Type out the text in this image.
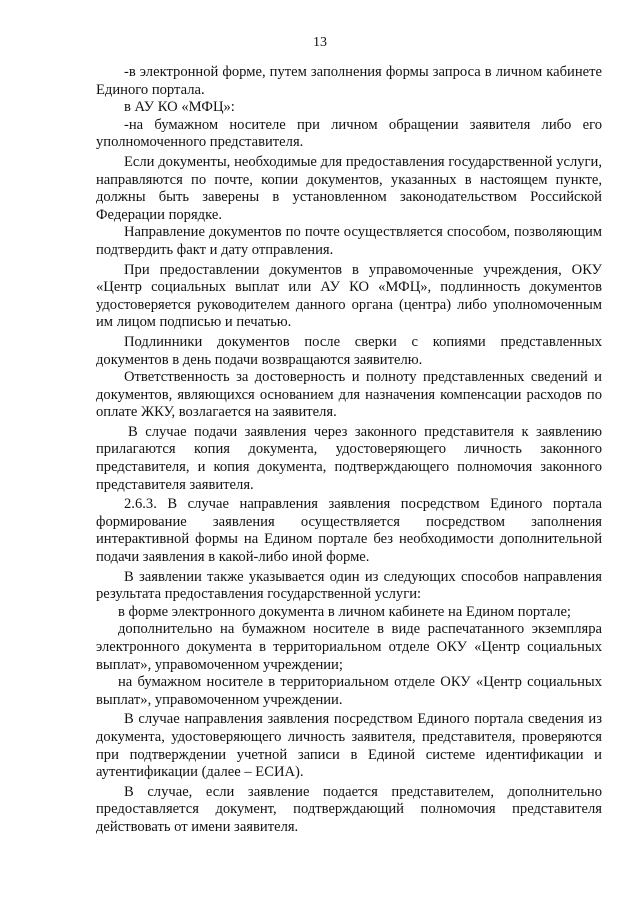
13

-в электронной форме, путем заполнения формы запроса в личном кабинете Единого портала.

в АУ КО «МФЦ»:

-на бумажном носителе при личном обращении заявителя либо его уполномоченного представителя.

Если документы, необходимые для предоставления государственной услуги, направляются по почте, копии документов, указанных в настоящем пункте, должны быть заверены в установленном законодательством Российской Федерации порядке.

Направление документов по почте осуществляется способом, позволяющим подтвердить факт и дату отправления.

При предоставлении документов в управомоченные учреждения, ОКУ «Центр социальных выплат или АУ КО «МФЦ», подлинность документов удостоверяется руководителем данного органа (центра) либо уполномоченным им лицом подписью и печатью.

Подлинники документов после сверки с копиями представленных документов в день подачи возвращаются заявителю.

Ответственность за достоверность и полноту представленных сведений и документов, являющихся основанием для назначения компенсации расходов по оплате ЖКУ, возлагается на заявителя.

В случае подачи заявления через законного представителя к заявлению прилагаются копия документа, удостоверяющего личность законного представителя, и копия документа, подтверждающего полномочия законного представителя заявителя.

2.6.3. В случае направления заявления посредством Единого портала формирование заявления осуществляется посредством заполнения интерактивной формы на Едином портале без необходимости дополнительной подачи заявления в какой-либо иной форме.

В заявлении также указывается один из следующих способов направления результата предоставления государственной услуги:

в форме электронного документа в личном кабинете на Едином портале;

дополнительно на бумажном носителе в виде распечатанного экземпляра электронного документа в территориальном отделе ОКУ «Центр социальных выплат», управомоченном учреждении;

на бумажном носителе в территориальном отделе ОКУ «Центр социальных выплат», управомоченном учреждении.

В случае направления заявления посредством Единого портала сведения из документа, удостоверяющего личность заявителя, представителя, проверяются при подтверждении учетной записи в Единой системе идентификации и аутентификации (далее – ЕСИА).

В случае, если заявление подается представителем, дополнительно предоставляется документ, подтверждающий полномочия представителя действовать от имени заявителя.
